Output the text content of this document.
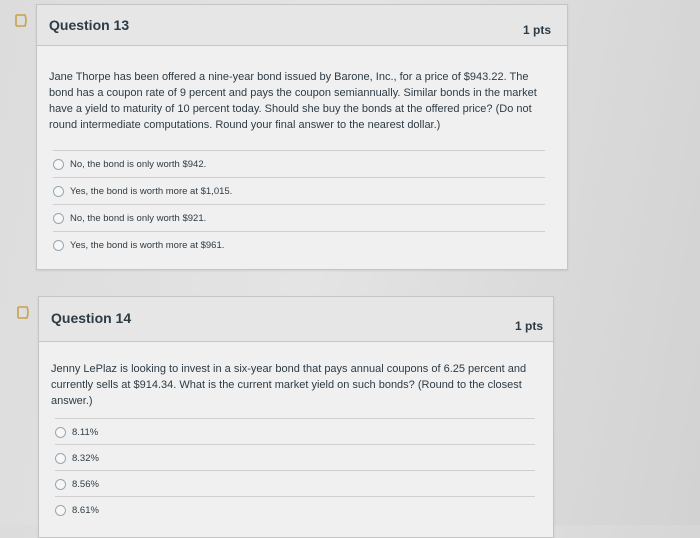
Question 13	1 pts
Jane Thorpe has been offered a nine-year bond issued by Barone, Inc., for a price of $943.22. The bond has a coupon rate of 9 percent and pays the coupon semiannually. Similar bonds in the market have a yield to maturity of 10 percent today. Should she buy the bonds at the offered price? (Do not round intermediate computations. Round your final answer to the nearest dollar.)
No, the bond is only worth $942.
Yes, the bond is worth more at $1,015.
No, the bond is only worth $921.
Yes, the bond is worth more at $961.
Question 14	1 pts
Jenny LePlaz is looking to invest in a six-year bond that pays annual coupons of 6.25 percent and currently sells at $914.34. What is the current market yield on such bonds? (Round to the closest answer.)
8.11%
8.32%
8.56%
8.61%
